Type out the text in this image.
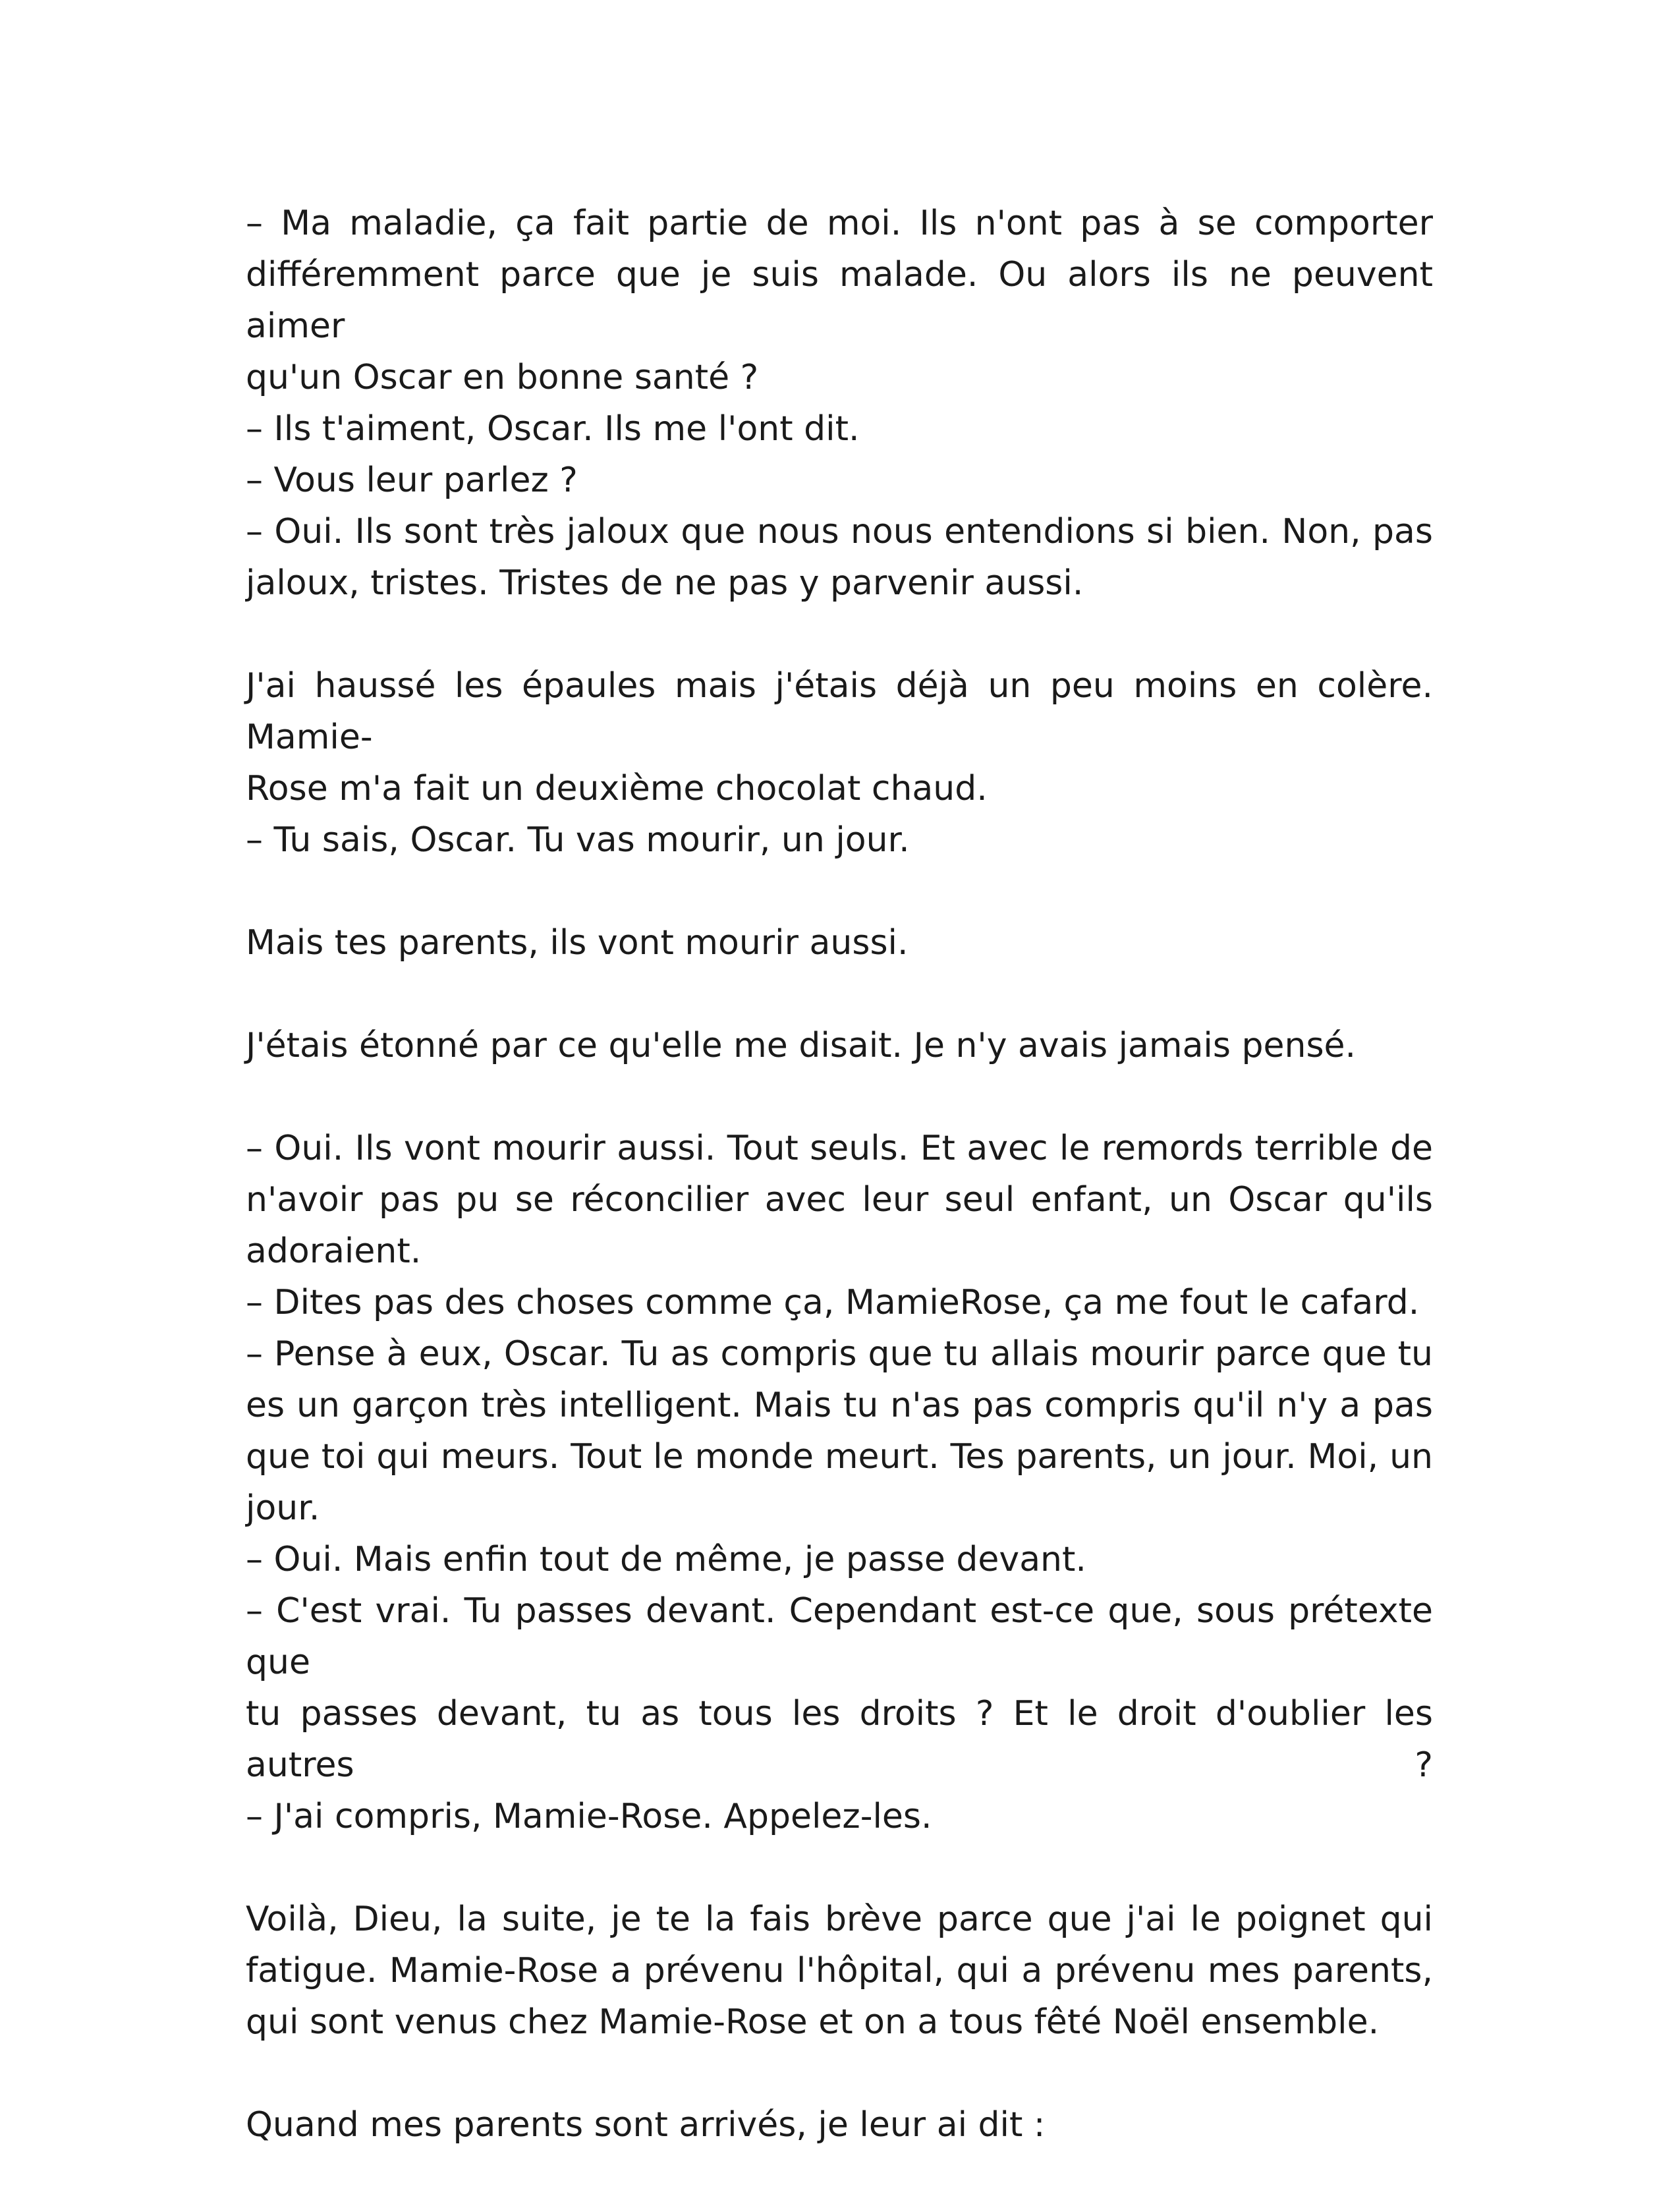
– Ma maladie, ça fait partie de moi. Ils n'ont pas à se comporter
différemment parce que je suis malade. Ou alors ils ne peuvent aimer
qu'un Oscar en bonne santé ?
– Ils t'aiment, Oscar. Ils me l'ont dit.
– Vous leur parlez ?
– Oui. Ils sont très jaloux que nous nous entendions si bien. Non, pas
jaloux, tristes. Tristes de ne pas y parvenir aussi.
J'ai haussé les épaules mais j'étais déjà un peu moins en colère. Mamie-
Rose m'a fait un deuxième chocolat chaud.
– Tu sais, Oscar. Tu vas mourir, un jour.
Mais tes parents, ils vont mourir aussi.
J'étais étonné par ce qu'elle me disait. Je n'y avais jamais pensé.
– Oui. Ils vont mourir aussi. Tout seuls. Et avec le remords terrible de
n'avoir pas pu se réconcilier avec leur seul enfant, un Oscar qu'ils
adoraient.
– Dites pas des choses comme ça, MamieRose, ça me fout le cafard.
– Pense à eux, Oscar. Tu as compris que tu allais mourir parce que tu
es un garçon très intelligent. Mais tu n'as pas compris qu'il n'y a pas
que toi qui meurs. Tout le monde meurt. Tes parents, un jour. Moi, un
jour.
– Oui. Mais enfin tout de même, je passe devant.
– C'est vrai. Tu passes devant. Cependant est-ce que, sous prétexte que
tu passes devant, tu as tous les droits ? Et le droit d'oublier les autres ?
– J'ai compris, Mamie-Rose. Appelez-les.
Voilà, Dieu, la suite, je te la fais brève parce que j'ai le poignet qui
fatigue. Mamie-Rose a prévenu l'hôpital, qui a prévenu mes parents,
qui sont venus chez Mamie-Rose et on a tous fêté Noël ensemble.
Quand mes parents sont arrivés, je leur ai dit :
